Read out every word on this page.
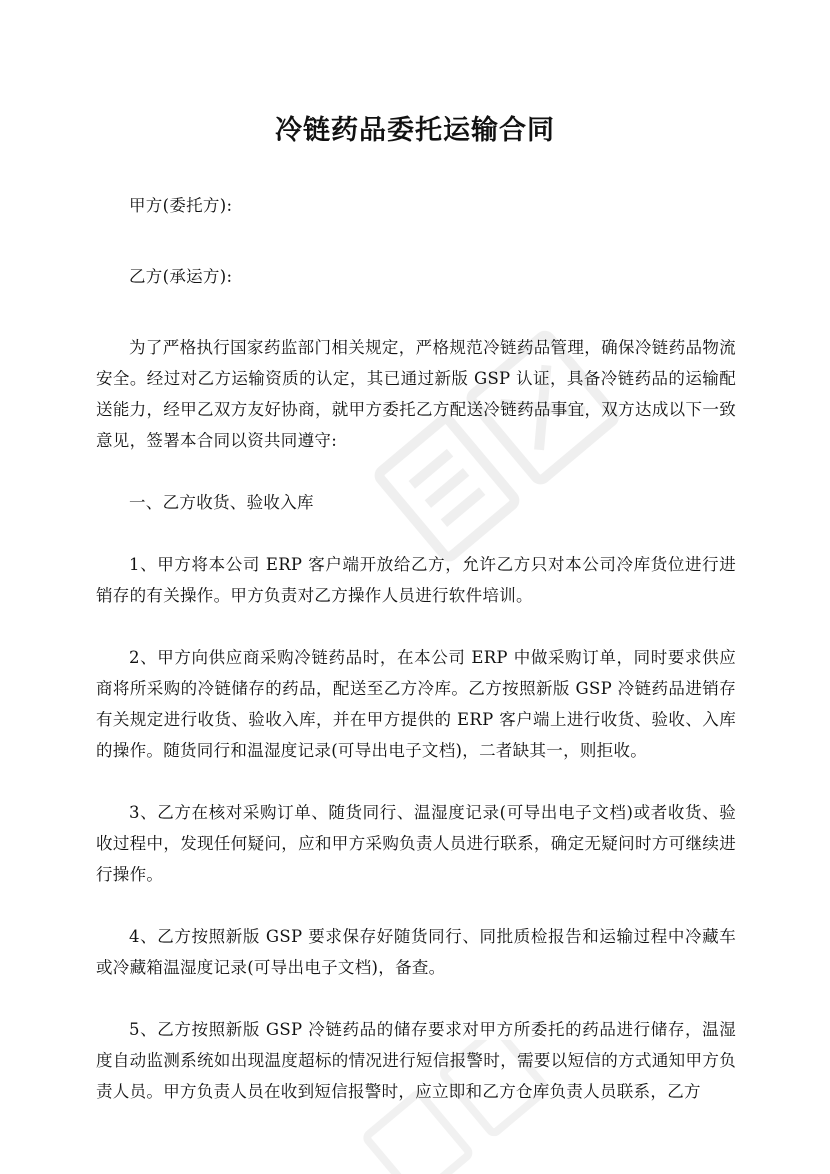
冷链药品委托运输合同

甲方(委托方):

乙方(承运方):

为了严格执行国家药监部门相关规定，严格规范冷链药品管理，确保冷链药品物流安全。经过对乙方运输资质的认定，其已通过新版 GSP 认证，具备冷链药品的运输配送能力，经甲乙双方友好协商，就甲方委托乙方配送冷链药品事宜，双方达成以下一致意见，签署本合同以资共同遵守:

一、乙方收货、验收入库

1、甲方将本公司 ERP 客户端开放给乙方，允许乙方只对本公司冷库货位进行进销存的有关操作。甲方负责对乙方操作人员进行软件培训。

2、甲方向供应商采购冷链药品时，在本公司 ERP 中做采购订单，同时要求供应商将所采购的冷链储存的药品，配送至乙方冷库。乙方按照新版 GSP 冷链药品进销存有关规定进行收货、验收入库，并在甲方提供的 ERP 客户端上进行收货、验收、入库的操作。随货同行和温湿度记录(可导出电子文档)，二者缺其一，则拒收。

3、乙方在核对采购订单、随货同行、温湿度记录(可导出电子文档)或者收货、验收过程中，发现任何疑问，应和甲方采购负责人员进行联系，确定无疑问时方可继续进行操作。

4、乙方按照新版 GSP 要求保存好随货同行、同批质检报告和运输过程中冷藏车或冷藏箱温湿度记录(可导出电子文档)，备查。

5、乙方按照新版 GSP 冷链药品的储存要求对甲方所委托的药品进行储存，温湿度自动监测系统如出现温度超标的情况进行短信报警时，需要以短信的方式通知甲方负责人员。甲方负责人员在收到短信报警时，应立即和乙方仓库负责人员联系，乙方
